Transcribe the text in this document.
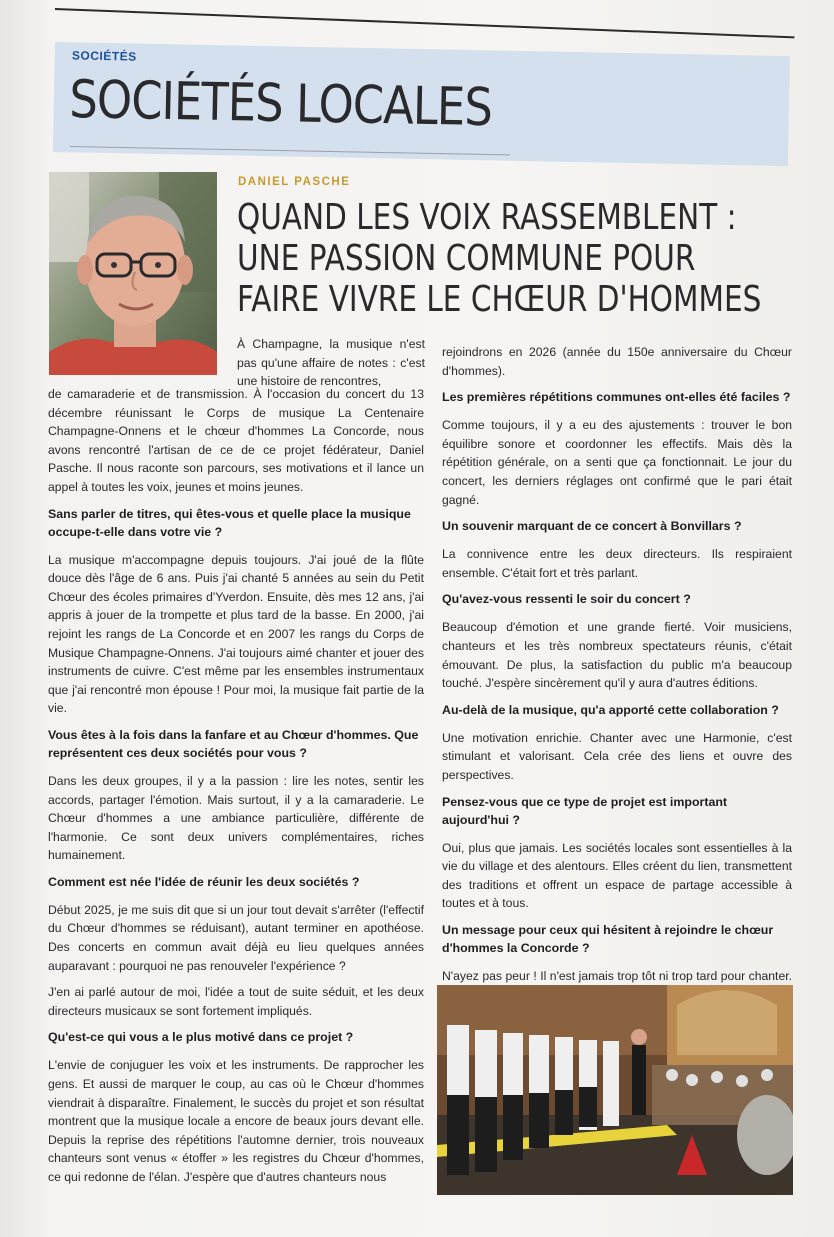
SOCIÉTÉS
SOCIÉTÉS LOCALES
DANIEL PASCHE
QUAND LES VOIX RASSEMBLENT :
UNE PASSION COMMUNE POUR
FAIRE VIVRE LE CHŒUR D'HOMMES
À Champagne, la musique n'est pas qu'une affaire de notes : c'est une histoire de rencontres,

de camaraderie et de transmission. À l'occasion du concert du 13 décembre réunissant le Corps de musique La Centenaire Champagne-Onnens et le chœur d'hommes La Concorde, nous avons rencontré l'artisan de ce de ce projet fédérateur, Daniel Pasche. Il nous raconte son parcours, ses motivations et il lance un appel à toutes les voix, jeunes et moins jeunes.

Sans parler de titres, qui êtes-vous et quelle place la musique occupe-t-elle dans votre vie ?

La musique m'accompagne depuis toujours. J'ai joué de la flûte douce dès l'âge de 6 ans. Puis j'ai chanté 5 années au sein du Petit Chœur des écoles primaires d'Yverdon. Ensuite, dès mes 12 ans, j'ai appris à jouer de la trompette et plus tard de la basse. En 2000, j'ai rejoint les rangs de La Concorde et en 2007 les rangs du Corps de Musique Champagne-Onnens. J'ai toujours aimé chanter et jouer des instruments de cuivre. C'est même par les ensembles instrumentaux que j'ai rencontré mon épouse ! Pour moi, la musique fait partie de la vie.

Vous êtes à la fois dans la fanfare et au Chœur d'hommes. Que représentent ces deux sociétés pour vous ?

Dans les deux groupes, il y a la passion : lire les notes, sentir les accords, partager l'émotion. Mais surtout, il y a la camaraderie. Le Chœur d'hommes a une ambiance particulière, différente de l'harmonie. Ce sont deux univers complémentaires, riches humainement.

Comment est née l'idée de réunir les deux sociétés ?

Début 2025, je me suis dit que si un jour tout devait s'arrêter (l'effectif du Chœur d'hommes se réduisant), autant terminer en apothéose. Des concerts en commun avait déjà eu lieu quelques années auparavant : pourquoi ne pas renouveler l'expérience ?

J'en ai parlé autour de moi, l'idée a tout de suite séduit, et les deux directeurs musicaux se sont fortement impliqués.

Qu'est-ce qui vous a le plus motivé dans ce projet ?

L'envie de conjuguer les voix et les instruments. De rapprocher les gens. Et aussi de marquer le coup, au cas où le Chœur d'hommes viendrait à disparaître. Finalement, le succès du projet et son résultat montrent que la musique locale a encore de beaux jours devant elle. Depuis la reprise des répétitions l'automne dernier, trois nouveaux chanteurs sont venus « étoffer » les registres du Chœur d'hommes, ce qui redonne de l'élan. J'espère que d'autres chanteurs nous

rejoindrons en 2026 (année du 150e anniversaire du Chœur d'hommes).

Les premières répétitions communes ont-elles été faciles ?

Comme toujours, il y a eu des ajustements : trouver le bon équilibre sonore et coordonner les effectifs. Mais dès la répétition générale, on a senti que ça fonctionnait. Le jour du concert, les derniers réglages ont confirmé que le pari était gagné.

Un souvenir marquant de ce concert à Bonvillars ?

La connivence entre les deux directeurs. Ils respiraient ensemble. C'était fort et très parlant.

Qu'avez-vous ressenti le soir du concert ?

Beaucoup d'émotion et une grande fierté. Voir musiciens, chanteurs et les très nombreux spectateurs réunis, c'était émouvant. De plus, la satisfaction du public m'a beaucoup touché. J'espère sincèrement qu'il y aura d'autres éditions.

Au-delà de la musique, qu'a apporté cette collaboration ?

Une motivation enrichie. Chanter avec une Harmonie, c'est stimulant et valorisant. Cela crée des liens et ouvre des perspectives.

Pensez-vous que ce type de projet est important aujourd'hui ?

Oui, plus que jamais. Les sociétés locales sont essentielles à la vie du village et des alentours. Elles créent du lien, transmettent des traditions et offrent un espace de partage accessible à toutes et à tous.

Un message pour ceux qui hésitent à rejoindre le chœur d'hommes la Concorde ?

N'ayez pas peur ! Il n'est jamais trop tôt ni trop tard pour chanter.
